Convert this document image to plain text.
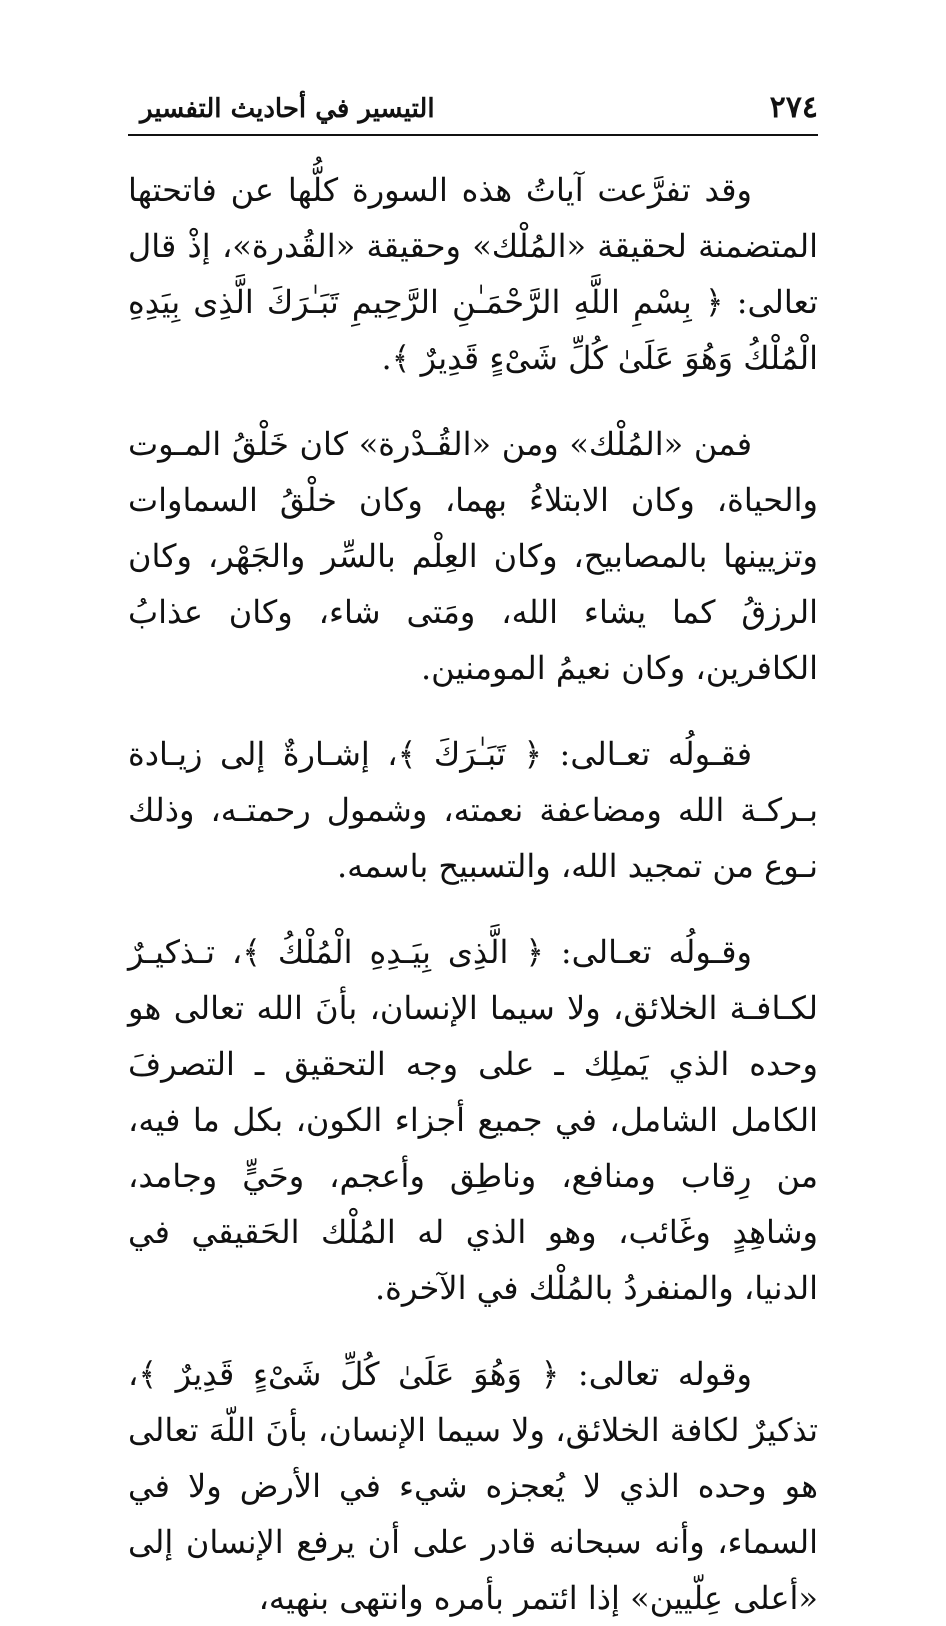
٢٧٤
التيسير في أحاديث التفسير

وقد تفرَّعت آياتُ هذه السورة كلُّها عن فاتحتها المتضمنة لحقيقة «المُلْك» وحقيقة «القُدرة»، إذْ قال تعالى: ﴿ بِسْمِ اللَّهِ الرَّحْمَـٰنِ الرَّحِيمِ تَبَـٰرَكَ الَّذِى بِيَدِهِ الْمُلْكُ وَهُوَ عَلَىٰ كُلِّ شَىْءٍ قَدِيرٌ ﴾.

فمن «المُلْك» ومن «القُـدْرة» كان خَلْقُ المـوت والحياة، وكان الابتلاءُ بهما، وكان خلْقُ السماوات وتزيينها بالمصابيح، وكان العِلْم بالسِّر والجَهْر، وكان الرزقُ كما يشاء الله، ومَتى شاء، وكان عذابُ الكافرين، وكان نعيمُ المومنين.

فقـولُه تعـالى: ﴿ تَبَـٰرَكَ ﴾، إشـارةٌ إلى زيـادة بـركـة الله ومضاعفة نعمته، وشمول رحمتـه، وذلك نـوع من تمجيد الله، والتسبيح باسمه.

وقـولُه تعـالى: ﴿ الَّذِى بِيَـدِهِ الْمُلْكُ ﴾، تـذكيـرٌ لكـافـة الخلائق، ولا سيما الإنسان، بأنَ الله تعالى هو وحده الذي يَملِك ـ على وجه التحقيق ـ التصرفَ الكامل الشامل، في جميع أجزاء الكون، بكل ما فيه، من رِقاب ومنافع، وناطِق وأعجم، وحَيٍّ وجامد، وشاهِدٍ وغَائب، وهو الذي له المُلْك الحَقيقي في الدنيا، والمنفردُ بالمُلْك في الآخرة.

وقوله تعالى: ﴿ وَهُوَ عَلَىٰ كُلِّ شَىْءٍ قَدِيرٌ ﴾، تذكيرٌ لكافة الخلائق، ولا سيما الإنسان، بأنَ اللّهَ تعالى هو وحده الذي لا يُعجزه شيء في الأرض ولا في السماء، وأنه سبحانه قادر على أن يرفع الإنسان إلى «أعلى عِلّيين» إذا ائتمر بأمره وانتهى بنهيه،
